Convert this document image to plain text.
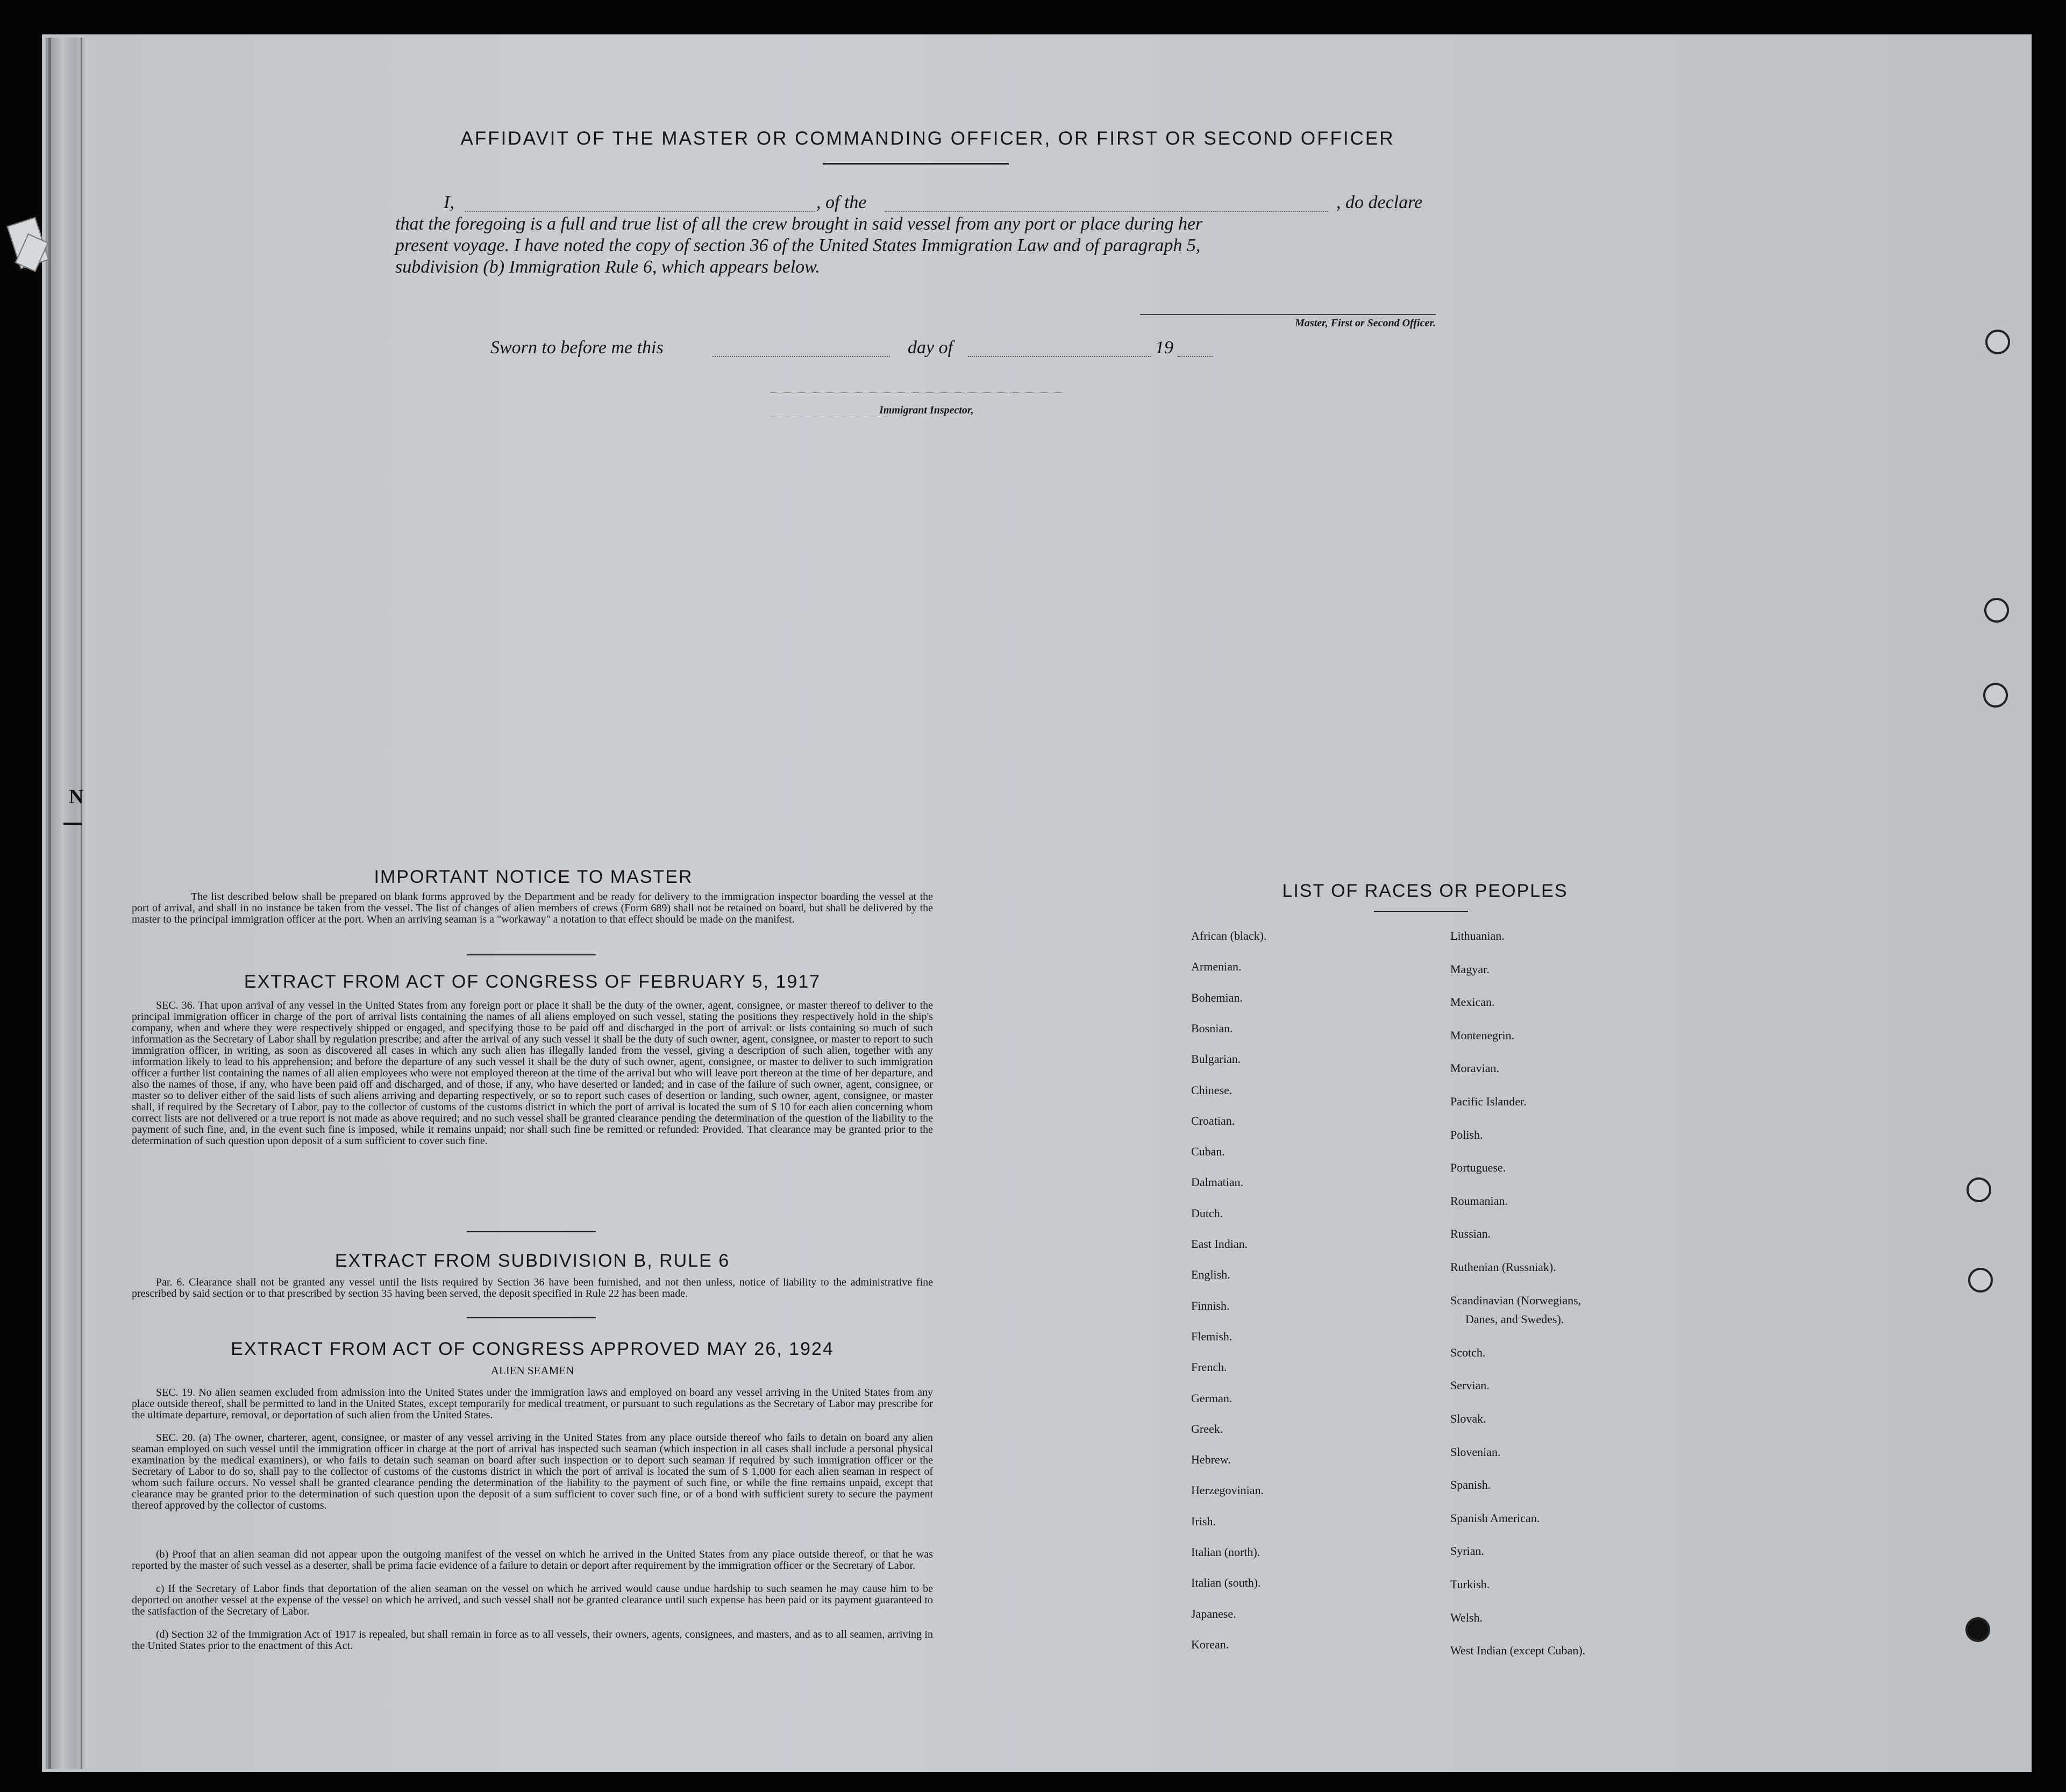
N
AFFIDAVIT OF THE MASTER OR COMMANDING OFFICER, OR FIRST OR SECOND OFFICER
I,	, of the	, do declare
that the foregoing is a full and true list of all the crew brought in said vessel from any port or place during her
present voyage. I have noted the copy of section 36 of the United States Immigration Law and of paragraph 5,
subdivision (b) Immigration Rule 6, which appears below.
Master, First or Second Officer.
Sworn to before me this	day of	19
Immigrant Inspector,
IMPORTANT NOTICE TO MASTER
The list described below shall be prepared on blank forms approved by the Department and be ready for delivery to the immigration inspector boarding the vessel at the port of arrival, and shall in no instance be taken from the vessel. The list of changes of alien members of crews (Form 689) shall not be retained on board, but shall be delivered by the master to the principal immigration officer at the port. When an arriving seaman is a "workaway" a notation to that effect should be made on the manifest.
EXTRACT FROM ACT OF CONGRESS OF FEBRUARY 5, 1917
SEC. 36. That upon arrival of any vessel in the United States from any foreign port or place it shall be the duty of the owner, agent, consignee, or master thereof to deliver to the principal immigration officer in charge of the port of arrival lists containing the names of all aliens employed on such vessel, stating the positions they respectively hold in the ship's company, when and where they were respectively shipped or engaged, and specifying those to be paid off and discharged in the port of arrival: or lists containing so much of such information as the Secretary of Labor shall by regulation prescribe; and after the arrival of any such vessel it shall be the duty of such owner, agent, consignee, or master to report to such immigration officer, in writing, as soon as discovered all cases in which any such alien has illegally landed from the vessel, giving a description of such alien, together with any information likely to lead to his apprehension; and before the departure of any such vessel it shall be the duty of such owner, agent, consignee, or master to deliver to such immigration officer a further list containing the names of all alien employees who were not employed thereon at the time of the arrival but who will leave port thereon at the time of her departure, and also the names of those, if any, who have been paid off and discharged, and of those, if any, who have deserted or landed; and in case of the failure of such owner, agent, consignee, or master so to deliver either of the said lists of such aliens arriving and departing respectively, or so to report such cases of desertion or landing, such owner, agent, consignee, or master shall, if required by the Secretary of Labor, pay to the collector of customs of the customs district in which the port of arrival is located the sum of $ 10 for each alien concerning whom correct lists are not delivered or a true report is not made as above required; and no such vessel shall be granted clearance pending the determination of the question of the liability to the payment of such fine, and, in the event such fine is imposed, while it remains unpaid; nor shall such fine be remitted or refunded: Provided. That clearance may be granted prior to the determination of such question upon deposit of a sum sufficient to cover such fine.
EXTRACT FROM SUBDIVISION B, RULE 6
Par. 6. Clearance shall not be granted any vessel until the lists required by Section 36 have been furnished, and not then unless, notice of liability to the administrative fine prescribed by said section or to that prescribed by section 35 having been served, the deposit specified in Rule 22 has been made.
EXTRACT FROM ACT OF CONGRESS APPROVED MAY 26, 1924
ALIEN SEAMEN
SEC. 19. No alien seamen excluded from admission into the United States under the immigration laws and employed on board any vessel arriving in the United States from any place outside thereof, shall be permitted to land in the United States, except temporarily for medical treatment, or pursuant to such regulations as the Secretary of Labor may prescribe for the ultimate departure, removal, or deportation of such alien from the United States.
SEC. 20. (a) The owner, charterer, agent, consignee, or master of any vessel arriving in the United States from any place outside thereof who fails to detain on board any alien seaman employed on such vessel until the immigration officer in charge at the port of arrival has inspected such seaman (which inspection in all cases shall include a personal physical examination by the medical examiners), or who fails to detain such seaman on board after such inspection or to deport such seaman if required by such immigration officer or the Secretary of Labor to do so, shall pay to the collector of customs of the customs district in which the port of arrival is located the sum of $ 1,000 for each alien seaman in respect of whom such failure occurs. No vessel shall be granted clearance pending the determination of the liability to the payment of such fine, or while the fine remains unpaid, except that clearance may be granted prior to the determination of such question upon the deposit of a sum sufficient to cover such fine, or of a bond with sufficient surety to secure the payment thereof approved by the collector of customs.
(b) Proof that an alien seaman did not appear upon the outgoing manifest of the vessel on which he arrived in the United States from any place outside thereof, or that he was reported by the master of such vessel as a deserter, shall be prima facie evidence of a failure to detain or deport after requirement by the immigration officer or the Secretary of Labor.
c) If the Secretary of Labor finds that deportation of the alien seaman on the vessel on which he arrived would cause undue hardship to such seamen he may cause him to be deported on another vessel at the expense of the vessel on which he arrived, and such vessel shall not be granted clearance until such expense has been paid or its payment guaranteed to the satisfaction of the Secretary of Labor.
(d) Section 32 of the Immigration Act of 1917 is repealed, but shall remain in force as to all vessels, their owners, agents, consignees, and masters, and as to all seamen, arriving in the United States prior to the enactment of this Act.
LIST OF RACES OR PEOPLES
African (black).
Armenian.
Bohemian.
Bosnian.
Bulgarian.
Chinese.
Croatian.
Cuban.
Dalmatian.
Dutch.
East Indian.
English.
Finnish.
Flemish.
French.
German.
Greek.
Hebrew.
Herzegovinian.
Irish.
Italian (north).
Italian (south).
Japanese.
Korean.
Lithuanian.
Magyar.
Mexican.
Montenegrin.
Moravian.
Pacific Islander.
Polish.
Portuguese.
Roumanian.
Russian.
Ruthenian (Russniak).
Scandinavian (Norwegians,
Danes, and Swedes).
Scotch.
Servian.
Slovak.
Slovenian.
Spanish.
Spanish American.
Syrian.
Turkish.
Welsh.
West Indian (except Cuban).
